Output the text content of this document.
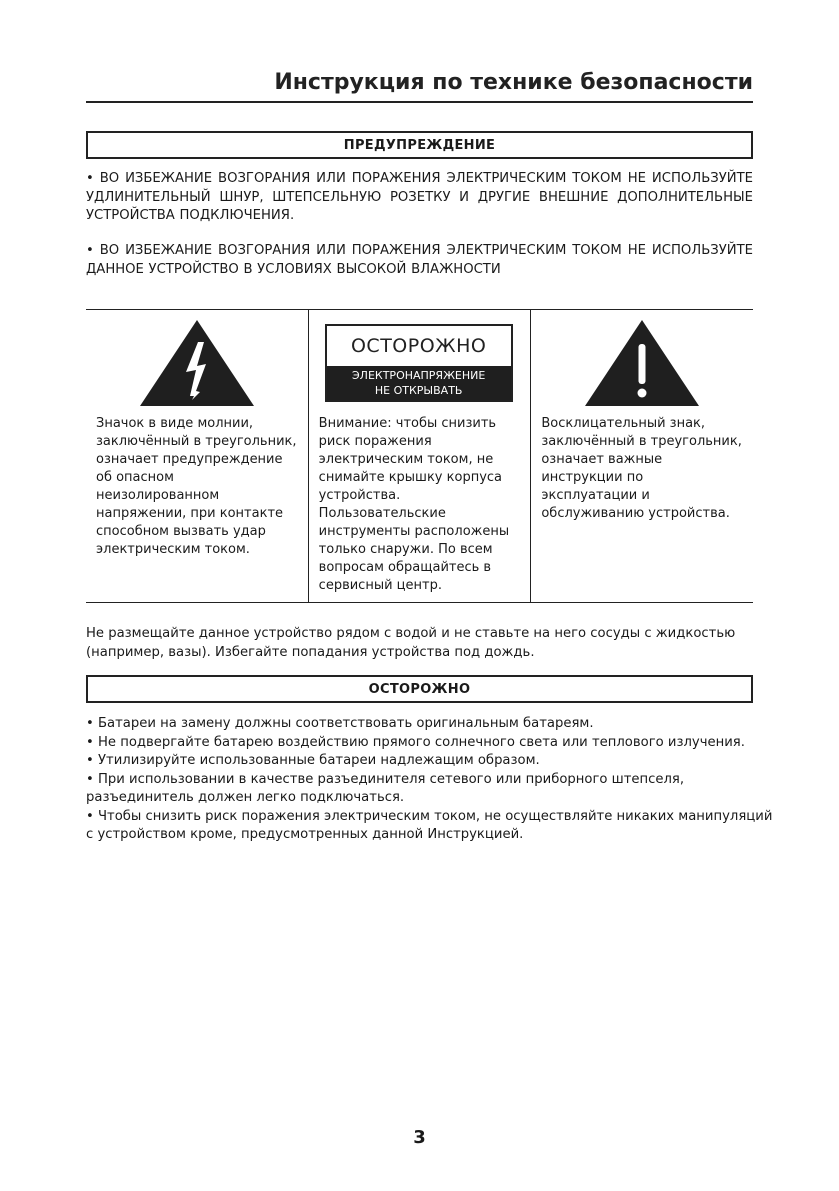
Инструкция по технике безопасности
ПРЕДУПРЕЖДЕНИЕ
• ВО ИЗБЕЖАНИЕ ВОЗГОРАНИЯ ИЛИ ПОРАЖЕНИЯ ЭЛЕКТРИЧЕСКИМ ТОКОМ НЕ ИСПОЛЬЗУЙТЕ УДЛИНИТЕЛЬНЫЙ ШНУР, ШТЕПСЕЛЬНУЮ РОЗЕТКУ И ДРУГИЕ ВНЕШНИЕ ДОПОЛНИТЕЛЬНЫЕ УСТРОЙСТВА ПОДКЛЮЧЕНИЯ.
• ВО ИЗБЕЖАНИЕ ВОЗГОРАНИЯ ИЛИ ПОРАЖЕНИЯ ЭЛЕКТРИЧЕСКИМ ТОКОМ НЕ ИСПОЛЬЗУЙТЕ ДАННОЕ УСТРОЙСТВО В УСЛОВИЯХ ВЫСОКОЙ ВЛАЖНОСТИ
Значок в виде молнии, заключённый в треугольник, означает предупреждение об опасном неизолированном напряжении, при контакте способном вызвать удар электрическим током.
ОСТОРОЖНО
ЭЛЕКТРОНАПРЯЖЕНИЕ
НЕ ОТКРЫВАТЬ
Внимание: чтобы снизить риск поражения электрическим током, не снимайте крышку корпуса устройства. Пользовательские инструменты расположены только снаружи. По всем вопросам обращайтесь в сервисный центр.
Восклицательный знак, заключённый в треугольник, означает важные инструкции по эксплуатации и обслуживанию устройства.
Не размещайте данное устройство рядом с водой и не ставьте на него сосуды с жидкостью (например, вазы). Избегайте попадания устройства под дождь.
ОСТОРОЖНО
• Батареи на замену должны соответствовать оригинальным батареям.
• Не подвергайте батарею воздействию прямого солнечного света или теплового излучения.
• Утилизируйте использованные батареи надлежащим образом.
• При использовании в качестве разъединителя сетевого или приборного штепселя,
разъединитель должен легко подключаться.
• Чтобы снизить риск поражения электрическим током, не осуществляйте никаких манипуляций
с устройством кроме, предусмотренных данной Инструкцией.
3
